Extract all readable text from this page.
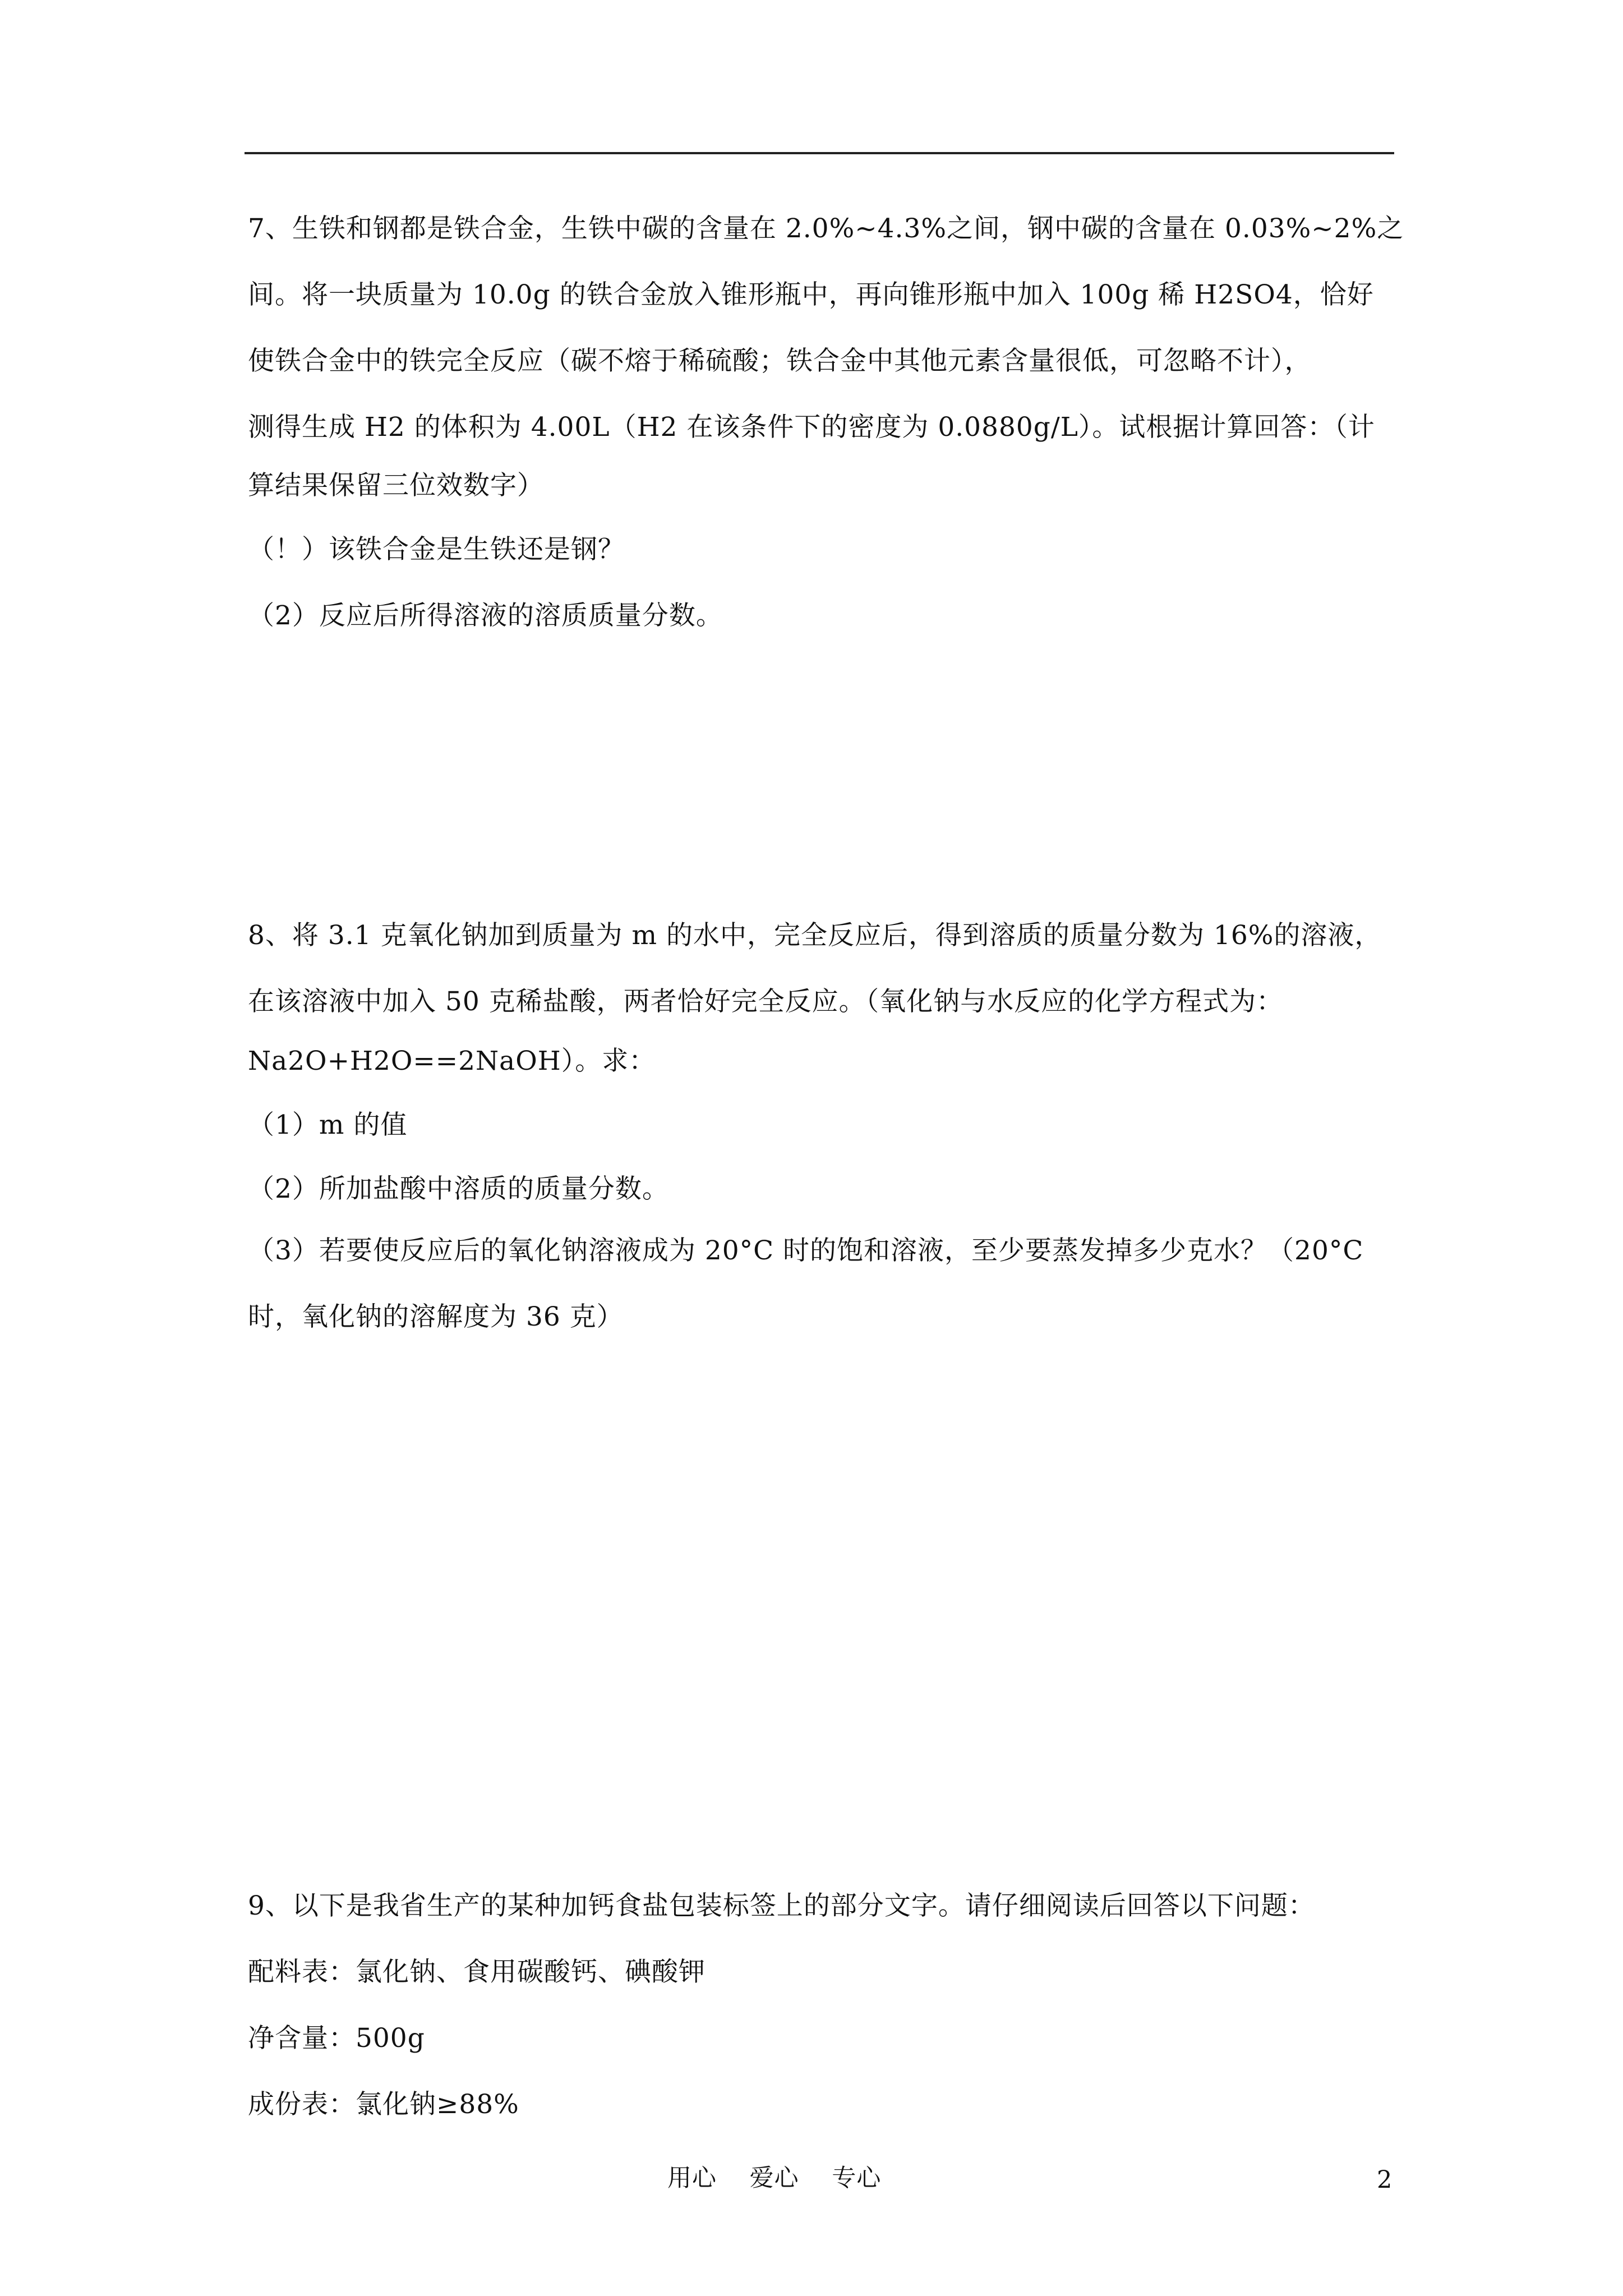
7、生铁和钢都是铁合金，生铁中碳的含量在 2.0%~4.3%之间，钢中碳的含量在 0.03%~2%之
间。将一块质量为 10.0g 的铁合金放入锥形瓶中，再向锥形瓶中加入 100g 稀 H2SO4，恰好
使铁合金中的铁完全反应（碳不熔于稀硫酸；铁合金中其他元素含量很低，可忽略不计），
测得生成 H2 的体积为 4.00L（H2 在该条件下的密度为 0.0880g/L）。试根据计算回答：（计
算结果保留三位效数字）
（！）该铁合金是生铁还是钢？
（2）反应后所得溶液的溶质质量分数。
8、将 3.1 克氧化钠加到质量为 m 的水中，完全反应后，得到溶质的质量分数为 16%的溶液，
在该溶液中加入 50 克稀盐酸，两者恰好完全反应。（氧化钠与水反应的化学方程式为：
Na2O+H2O==2NaOH）。求：
（1）m 的值
（2）所加盐酸中溶质的质量分数。
（3）若要使反应后的氧化钠溶液成为 20°C 时的饱和溶液，至少要蒸发掉多少克水？（20°C
时，氧化钠的溶解度为 36 克）
9、以下是我省生产的某种加钙食盐包装标签上的部分文字。请仔细阅读后回答以下问题：
配料表：氯化钠、食用碳酸钙、碘酸钾
净含量：500g
成份表：氯化钠≥88%
用心    爱心    专心	2
